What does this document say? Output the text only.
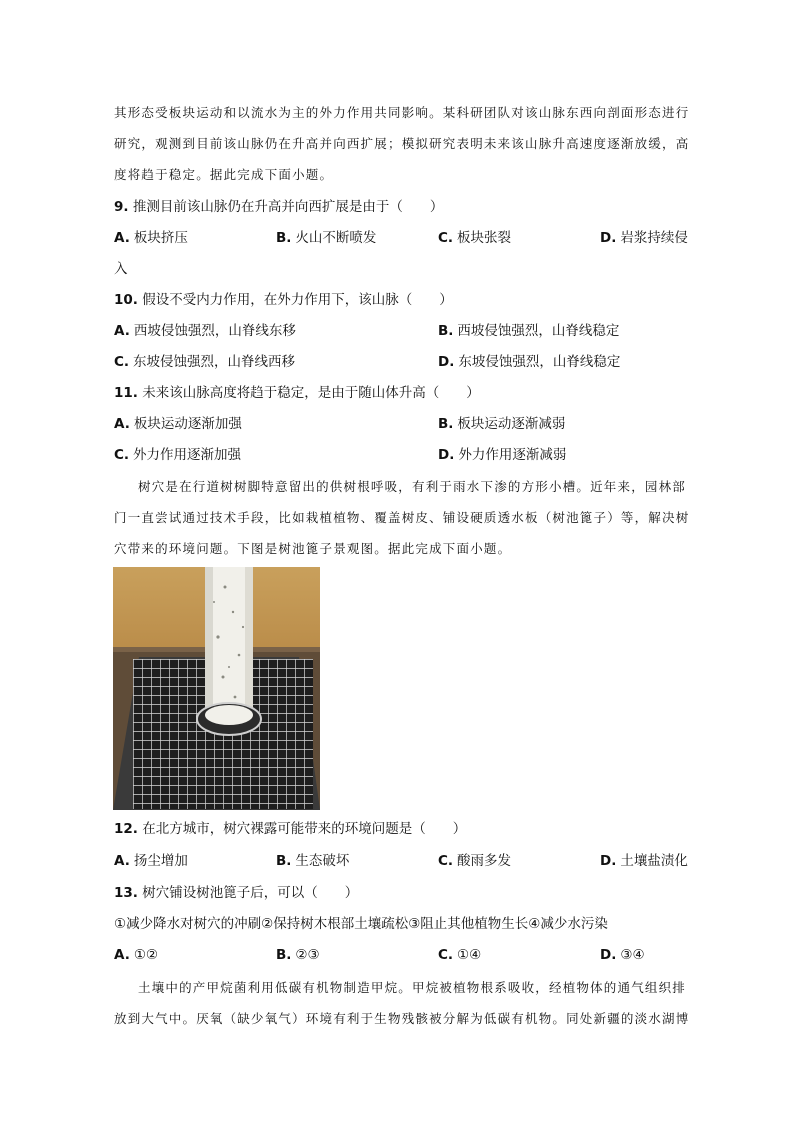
其形态受板块运动和以流水为主的外力作用共同影响。某科研团队对该山脉东西向剖面形态进行
研究，观测到目前该山脉仍在升高并向西扩展；模拟研究表明未来该山脉升高速度逐渐放缓，高
度将趋于稳定。据此完成下面小题。
9. 推测目前该山脉仍在升高并向西扩展是由于（　　）
A. 板块挤压	B. 火山不断喷发	C. 板块张裂	D. 岩浆持续侵
入
10. 假设不受内力作用，在外力作用下，该山脉（　　）
A. 西坡侵蚀强烈，山脊线东移	B. 西坡侵蚀强烈，山脊线稳定
C. 东坡侵蚀强烈，山脊线西移	D. 东坡侵蚀强烈，山脊线稳定
11. 未来该山脉高度将趋于稳定，是由于随山体升高（　　）
A. 板块运动逐渐加强	B. 板块运动逐渐减弱
C. 外力作用逐渐加强	D. 外力作用逐渐减弱
树穴是在行道树树脚特意留出的供树根呼吸，有利于雨水下渗的方形小槽。近年来，园林部
门一直尝试通过技术手段，比如栽植植物、覆盖树皮、铺设硬质透水板（树池篦子）等，解决树
穴带来的环境问题。下图是树池篦子景观图。据此完成下面小题。
12. 在北方城市，树穴裸露可能带来的环境问题是（　　）
A. 扬尘增加	B. 生态破坏	C. 酸雨多发	D. 土壤盐渍化
13. 树穴铺设树池篦子后，可以（　　）
①减少降水对树穴的冲刷②保持树木根部土壤疏松③阻止其他植物生长④减少水污染
A. ①②	B. ②③	C. ①④	D. ③④
土壤中的产甲烷菌利用低碳有机物制造甲烷。甲烷被植物根系吸收，经植物体的通气组织排
放到大气中。厌氧（缺少氧气）环境有利于生物残骸被分解为低碳有机物。同处新疆的淡水湖博
